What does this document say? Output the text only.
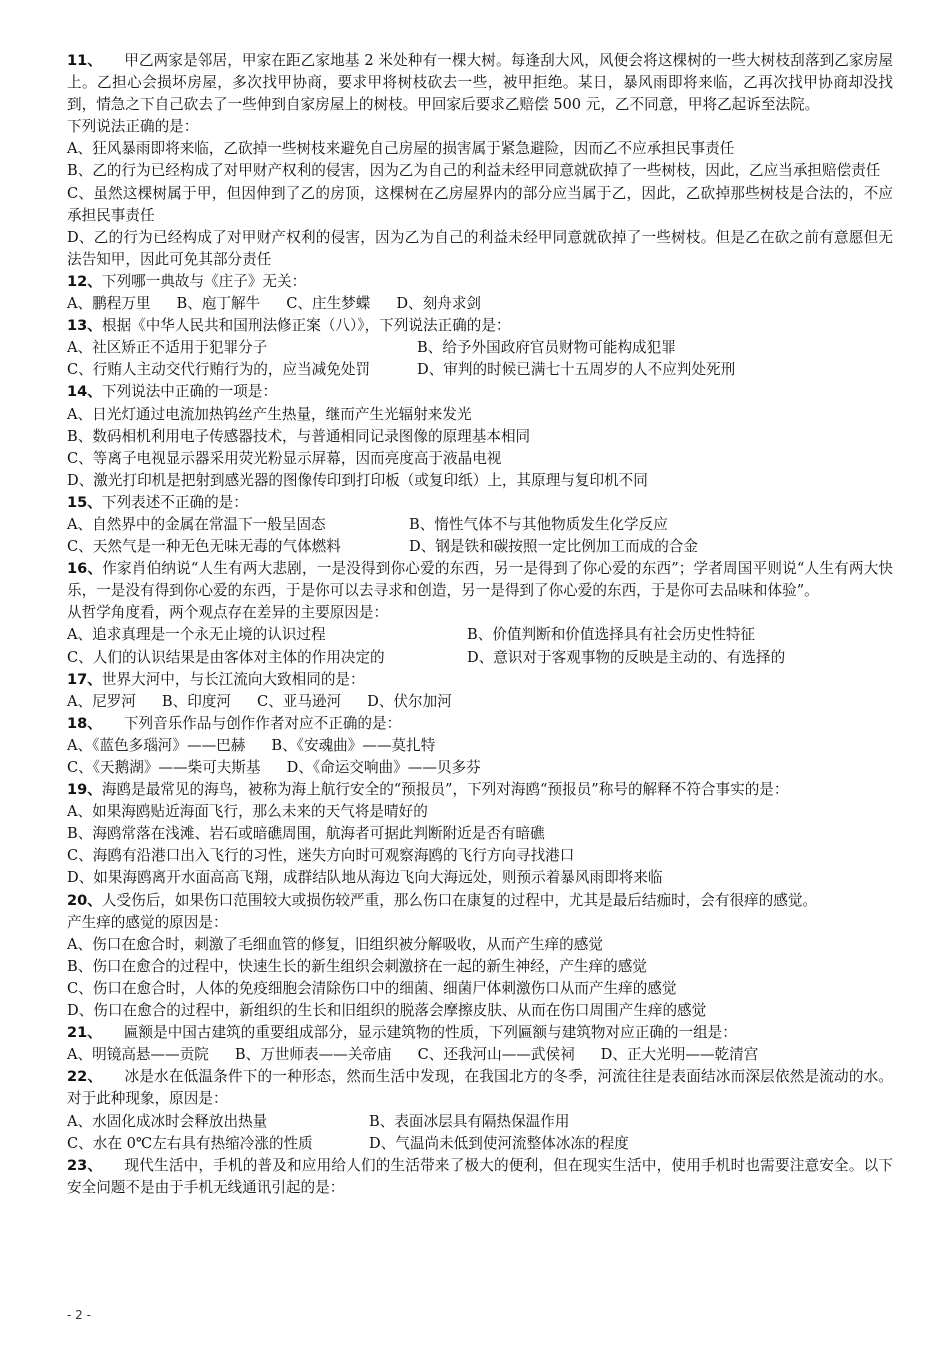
11、 甲乙两家是邻居，甲家在距乙家地基 2 米处种有一棵大树。每逢刮大风，风便会将这棵树的一些大树枝刮落到乙家房屋上。乙担心会损坏房屋，多次找甲协商，要求甲将树枝砍去一些，被甲拒绝。某日，暴风雨即将来临，乙再次找甲协商却没找到，情急之下自己砍去了一些伸到自家房屋上的树枝。甲回家后要求乙赔偿 500 元，乙不同意，甲将乙起诉至法院。
下列说法正确的是：
A、狂风暴雨即将来临，乙砍掉一些树枝来避免自己房屋的损害属于紧急避险，因而乙不应承担民事责任
B、乙的行为已经构成了对甲财产权利的侵害，因为乙为自己的利益未经甲同意就砍掉了一些树枝，因此，乙应当承担赔偿责任
C、虽然这棵树属于甲，但因伸到了乙的房顶，这棵树在乙房屋界内的部分应当属于乙，因此，乙砍掉那些树枝是合法的，不应承担民事责任
D、乙的行为已经构成了对甲财产权利的侵害，因为乙为自己的利益未经甲同意就砍掉了一些树枝。但是乙在砍之前有意愿但无法告知甲，因此可免其部分责任
12、下列哪一典故与《庄子》无关：
A、鹏程万里 B、庖丁解牛 C、庄生梦蝶 D、刻舟求剑
13、根据《中华人民共和国刑法修正案（八）》，下列说法正确的是：
A、社区矫正不适用于犯罪分子	B、给予外国政府官员财物可能构成犯罪
C、行贿人主动交代行贿行为的，应当减免处罚	D、审判的时候已满七十五周岁的人不应判处死刑
14、下列说法中正确的一项是：
A、日光灯通过电流加热钨丝产生热量，继而产生光辐射来发光
B、数码相机利用电子传感器技术，与普通相同记录图像的原理基本相同
C、等离子电视显示器采用荧光粉显示屏幕，因而亮度高于液晶电视
D、激光打印机是把射到感光器的图像传印到打印板（或复印纸）上，其原理与复印机不同
15、下列表述不正确的是：
A、自然界中的金属在常温下一般呈固态	B、惰性气体不与其他物质发生化学反应
C、天然气是一种无色无味无毒的气体燃料	D、钢是铁和碳按照一定比例加工而成的合金
16、作家肖伯纳说“人生有两大悲剧，一是没得到你心爱的东西，另一是得到了你心爱的东西”；学者周国平则说“人生有两大快乐，一是没有得到你心爱的东西，于是你可以去寻求和创造，另一是得到了你心爱的东西，于是你可去品味和体验”。
从哲学角度看，两个观点存在差异的主要原因是：
A、追求真理是一个永无止境的认识过程	B、价值判断和价值选择具有社会历史性特征
C、人们的认识结果是由客体对主体的作用决定的	D、意识对于客观事物的反映是主动的、有选择的
17、世界大河中，与长江流向大致相同的是：
A、尼罗河 B、印度河 C、亚马逊河 D、伏尔加河
18、 下列音乐作品与创作作者对应不正确的是：
A、《蓝色多瑙河》——巴赫 B、《安魂曲》——莫扎特
C、《天鹅湖》——柴可夫斯基 D、《命运交响曲》——贝多芬
19、海鸥是最常见的海鸟，被称为海上航行安全的“预报员”，下列对海鸥“预报员”称号的解释不符合事实的是：
A、如果海鸥贴近海面飞行，那么未来的天气将是晴好的
B、海鸥常落在浅滩、岩石或暗礁周围，航海者可据此判断附近是否有暗礁
C、海鸥有沿港口出入飞行的习性，迷失方向时可观察海鸥的飞行方向寻找港口
D、如果海鸥离开水面高高飞翔，成群结队地从海边飞向大海远处，则预示着暴风雨即将来临
20、人受伤后，如果伤口范围较大或损伤较严重，那么伤口在康复的过程中，尤其是最后结痂时，会有很痒的感觉。
产生痒的感觉的原因是：
A、伤口在愈合时，刺激了毛细血管的修复，旧组织被分解吸收，从而产生痒的感觉
B、伤口在愈合的过程中，快速生长的新生组织会刺激挤在一起的新生神经，产生痒的感觉
C、伤口在愈合时，人体的免疫细胞会清除伤口中的细菌、细菌尸体刺激伤口从而产生痒的感觉
D、伤口在愈合的过程中，新组织的生长和旧组织的脱落会摩擦皮肤、从而在伤口周围产生痒的感觉
21、 匾额是中国古建筑的重要组成部分，显示建筑物的性质，下列匾额与建筑物对应正确的一组是：
A、明镜高悬——贡院 B、万世师表——关帝庙 C、还我河山——武侯祠 D、正大光明——乾清宫
22、 冰是水在低温条件下的一种形态，然而生活中发现，在我国北方的冬季，河流往往是表面结冰而深层依然是流动的水。对于此种现象，原因是：
A、水固化成冰时会释放出热量	B、表面冰层具有隔热保温作用
C、水在 0℃左右具有热缩冷涨的性质	D、气温尚未低到使河流整体冰冻的程度
23、 现代生活中，手机的普及和应用给人们的生活带来了极大的便利，但在现实生活中，使用手机时也需要注意安全。以下安全问题不是由于手机无线通讯引起的是：
- 2 -
